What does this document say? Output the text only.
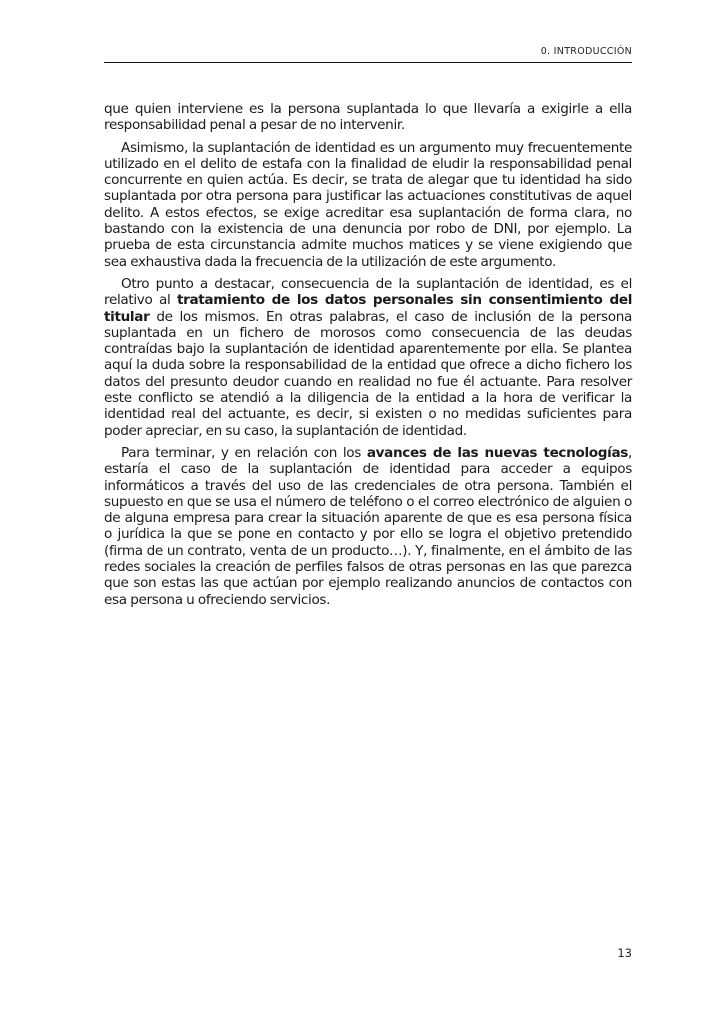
0. INTRODUCCIÓN

que quien interviene es la persona suplantada lo que llevaría a exigirle a ella responsabilidad penal a pesar de no intervenir.

Asimismo, la suplantación de identidad es un argumento muy frecuentemente utilizado en el delito de estafa con la finalidad de eludir la responsabilidad penal concurrente en quien actúa. Es decir, se trata de alegar que tu identidad ha sido suplantada por otra persona para justificar las actuaciones constitutivas de aquel delito. A estos efectos, se exige acreditar esa suplantación de forma clara, no bastando con la existencia de una denuncia por robo de DNI, por ejemplo. La prueba de esta circunstancia admite muchos matices y se viene exigiendo que sea exhaustiva dada la frecuencia de la utilización de este argumento.

Otro punto a destacar, consecuencia de la suplantación de identidad, es el relativo al tratamiento de los datos personales sin consentimiento del titular de los mismos. En otras palabras, el caso de inclusión de la persona suplantada en un fichero de morosos como consecuencia de las deudas contraídas bajo la suplantación de identidad aparentemente por ella. Se plantea aquí la duda sobre la responsabilidad de la entidad que ofrece a dicho fichero los datos del presunto deudor cuando en realidad no fue él actuante. Para resolver este conflicto se atendió a la diligencia de la entidad a la hora de verificar la identidad real del actuante, es decir, si existen o no medidas suficientes para poder apreciar, en su caso, la suplantación de identidad.

Para terminar, y en relación con los avances de las nuevas tecnologías, estaría el caso de la suplantación de identidad para acceder a equipos informáticos a través del uso de las credenciales de otra persona. También el supuesto en que se usa el número de teléfono o el correo electrónico de alguien o de alguna empresa para crear la situación aparente de que es esa persona física o jurídica la que se pone en contacto y por ello se logra el objetivo pretendido (firma de un contrato, venta de un producto…). Y, finalmente, en el ámbito de las redes sociales la creación de perfiles falsos de otras personas en las que parezca que son estas las que actúan por ejemplo realizando anuncios de contactos con esa persona u ofreciendo servicios.

13
